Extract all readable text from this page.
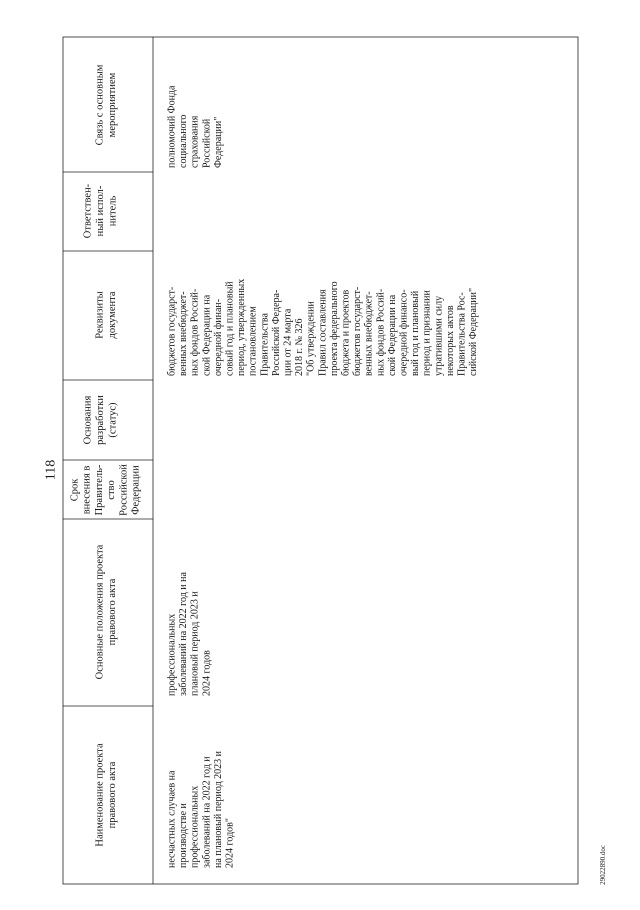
118
29022890.doc
Наименование проекта правового акта
Основные положения проекта правового акта
Срок внесения в Правитель- ство Российской Федерации
Основания разработки (статус)
Реквизиты документа
Ответствен- ный испол- нитель
Связь с основным мероприятием
несчастных случаев на производстве и профессиональных заболеваний на 2022 год и на плановый период 2023 и 2024 годов"
профессиональных заболеваний на 2022 год и на плановый период 2023 и 2024 годов
бюджетов государст- венных внебюджет- ных фондов Россий- ской Федерации на очередной финан- совый год и плановый период, утвержденных постановлением Правительства Российской Федера- ции от 24 марта 2018 г. № 326 "Об утверждении Правил составления проекта федерального бюджета и проектов бюджетов государст- венных внебюджет- ных фондов Россий- ской Федерации на очередной финансо- вый год и плановый период и признании утратившими силу некоторых актов Правительства Рос- сийской Федерации"
полномочий Фонда социального страхования Российской Федерации"
